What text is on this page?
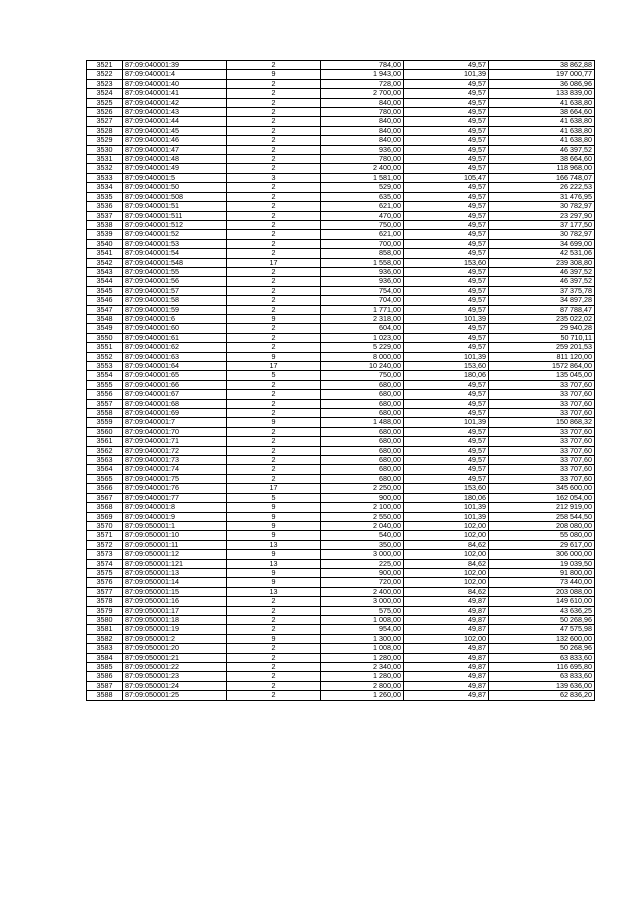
3521	87:09:040001:39	2	784,00	49,57	38 862,88
3522	87:09:040001:4	9	1 943,00	101,39	197 000,77
3523	87:09:040001:40	2	728,00	49,57	36 086,96
3524	87:09:040001:41	2	2 700,00	49,57	133 839,00
3525	87:09:040001:42	2	840,00	49,57	41 638,80
3526	87:09:040001:43	2	780,00	49,57	38 664,60
3527	87:09:040001:44	2	840,00	49,57	41 638,80
3528	87:09:040001:45	2	840,00	49,57	41 638,80
3529	87:09:040001:46	2	840,00	49,57	41 638,80
3530	87:09:040001:47	2	936,00	49,57	46 397,52
3531	87:09:040001:48	2	780,00	49,57	38 664,60
3532	87:09:040001:49	2	2 400,00	49,57	118 968,00
3533	87:09:040001:5	3	1 581,00	105,47	166 748,07
3534	87:09:040001:50	2	529,00	49,57	26 222,53
3535	87:09:040001:508	2	635,00	49,57	31 476,95
3536	87:09:040001:51	2	621,00	49,57	30 782,97
3537	87:09:040001:511	2	470,00	49,57	23 297,90
3538	87:09:040001:512	2	750,00	49,57	37 177,50
3539	87:09:040001:52	2	621,00	49,57	30 782,97
3540	87:09:040001:53	2	700,00	49,57	34 699,00
3541	87:09:040001:54	2	858,00	49,57	42 531,06
3542	87:09:040001:548	17	1 558,00	153,60	239 308,80
3543	87:09:040001:55	2	936,00	49,57	46 397,52
3544	87:09:040001:56	2	936,00	49,57	46 397,52
3545	87:09:040001:57	2	754,00	49,57	37 375,78
3546	87:09:040001:58	2	704,00	49,57	34 897,28
3547	87:09:040001:59	2	1 771,00	49,57	87 788,47
3548	87:09:040001:6	9	2 318,00	101,39	235 022,02
3549	87:09:040001:60	2	604,00	49,57	29 940,28
3550	87:09:040001:61	2	1 023,00	49,57	50 710,11
3551	87:09:040001:62	2	5 229,00	49,57	259 201,53
3552	87:09:040001:63	9	8 000,00	101,39	811 120,00
3553	87:09:040001:64	17	10 240,00	153,60	1572 864,00
3554	87:09:040001:65	5	750,00	180,06	135 045,00
3555	87:09:040001:66	2	680,00	49,57	33 707,60
3556	87:09:040001:67	2	680,00	49,57	33 707,60
3557	87:09:040001:68	2	680,00	49,57	33 707,60
3558	87:09:040001:69	2	680,00	49,57	33 707,60
3559	87:09:040001:7	9	1 488,00	101,39	150 868,32
3560	87:09:040001:70	2	680,00	49,57	33 707,60
3561	87:09:040001:71	2	680,00	49,57	33 707,60
3562	87:09:040001:72	2	680,00	49,57	33 707,60
3563	87:09:040001:73	2	680,00	49,57	33 707,60
3564	87:09:040001:74	2	680,00	49,57	33 707,60
3565	87:09:040001:75	2	680,00	49,57	33 707,60
3566	87:09:040001:76	17	2 250,00	153,60	345 600,00
3567	87:09:040001:77	5	900,00	180,06	162 054,00
3568	87:09:040001:8	9	2 100,00	101,39	212 919,00
3569	87:09:040001:9	9	2 550,00	101,39	258 544,50
3570	87:09:050001:1	9	2 040,00	102,00	208 080,00
3571	87:09:050001:10	9	540,00	102,00	55 080,00
3572	87:09:050001:11	13	350,00	84,62	29 617,00
3573	87:09:050001:12	9	3 000,00	102,00	306 000,00
3574	87:09:050001:121	13	225,00	84,62	19 039,50
3575	87:09:050001:13	9	900,00	102,00	91 800,00
3576	87:09:050001:14	9	720,00	102,00	73 440,00
3577	87:09:050001:15	13	2 400,00	84,62	203 088,00
3578	87:09:050001:16	2	3 000,00	49,87	149 610,00
3579	87:09:050001:17	2	575,00	49,87	43 636,25
3580	87:09:050001:18	2	1 008,00	49,87	50 268,96
3581	87:09:050001:19	2	954,00	49,87	47 575,98
3582	87:09:050001:2	9	1 300,00	102,00	132 600,00
3583	87:09:050001:20	2	1 008,00	49,87	50 268,96
3584	87:09:050001:21	2	1 280,00	49,87	63 833,60
3585	87:09:050001:22	2	2 340,00	49,87	116 695,80
3586	87:09:050001:23	2	1 280,00	49,87	63 833,60
3587	87:09:050001:24	2	2 800,00	49,87	139 636,00
3588	87:09:050001:25	2	1 260,00	49,87	62 836,20
